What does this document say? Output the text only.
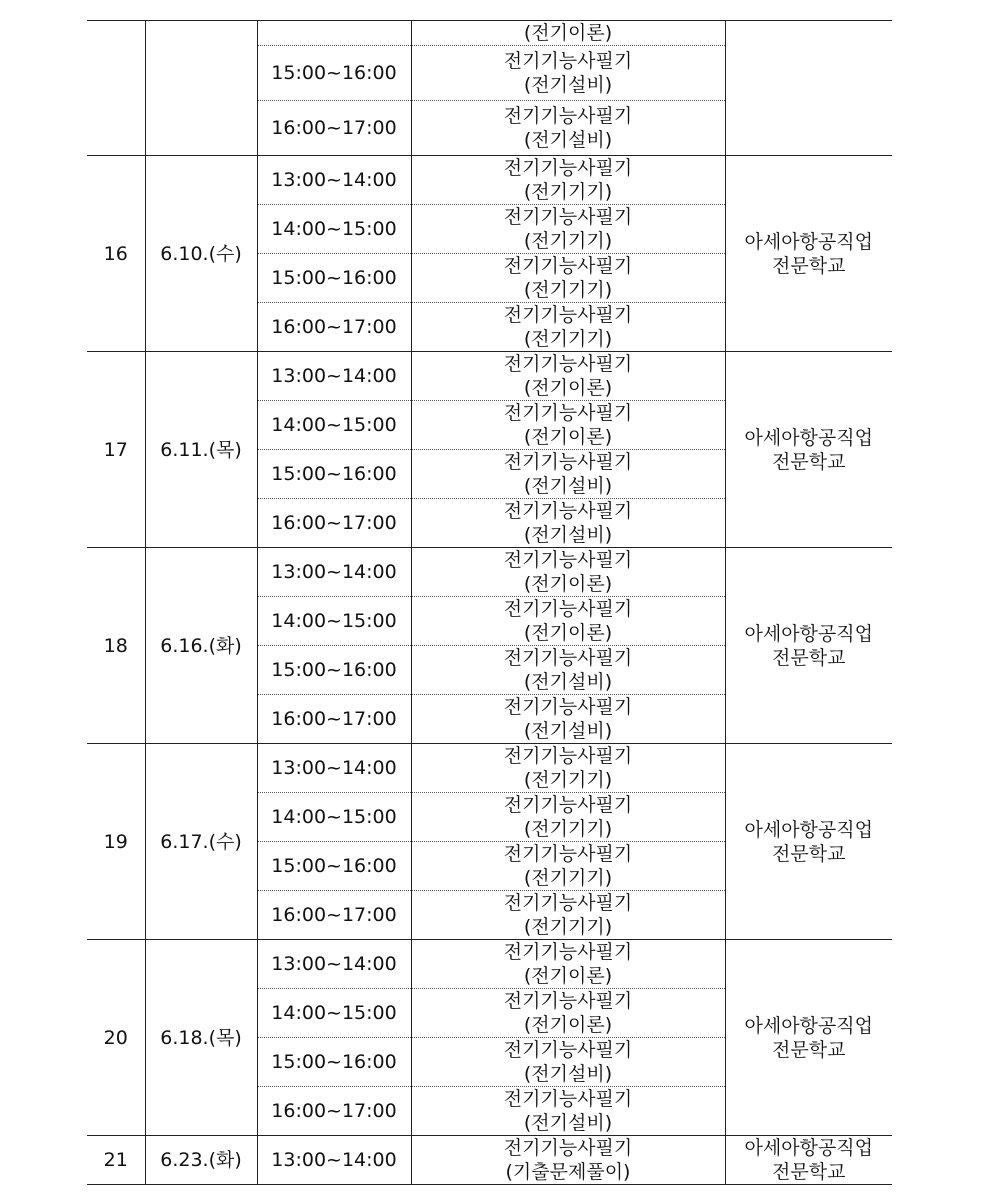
			(전기이론)	

		15:00~16:00	전기기능사필기
(전기설비)	

		16:00~17:00	전기기능사필기
(전기설비)	

16	6.10.(수)	13:00~14:00	전기기능사필기
(전기기기)	아세아항공직업
전문학교

		14:00~15:00	전기기능사필기
(전기기기)	

		15:00~16:00	전기기능사필기
(전기기기)	

		16:00~17:00	전기기능사필기
(전기기기)	

17	6.11.(목)	13:00~14:00	전기기능사필기
(전기이론)	아세아항공직업
전문학교

		14:00~15:00	전기기능사필기
(전기이론)	

		15:00~16:00	전기기능사필기
(전기설비)	

		16:00~17:00	전기기능사필기
(전기설비)	

18	6.16.(화)	13:00~14:00	전기기능사필기
(전기이론)	아세아항공직업
전문학교

		14:00~15:00	전기기능사필기
(전기이론)	

		15:00~16:00	전기기능사필기
(전기설비)	

		16:00~17:00	전기기능사필기
(전기설비)	

19	6.17.(수)	13:00~14:00	전기기능사필기
(전기기기)	아세아항공직업
전문학교

		14:00~15:00	전기기능사필기
(전기기기)	

		15:00~16:00	전기기능사필기
(전기기기)	

		16:00~17:00	전기기능사필기
(전기기기)	

20	6.18.(목)	13:00~14:00	전기기능사필기
(전기이론)	아세아항공직업
전문학교

		14:00~15:00	전기기능사필기
(전기이론)	

		15:00~16:00	전기기능사필기
(전기설비)	

		16:00~17:00	전기기능사필기
(전기설비)	

21	6.23.(화)	13:00~14:00	전기기능사필기
(기출문제풀이)	아세아항공직업
전문학교
